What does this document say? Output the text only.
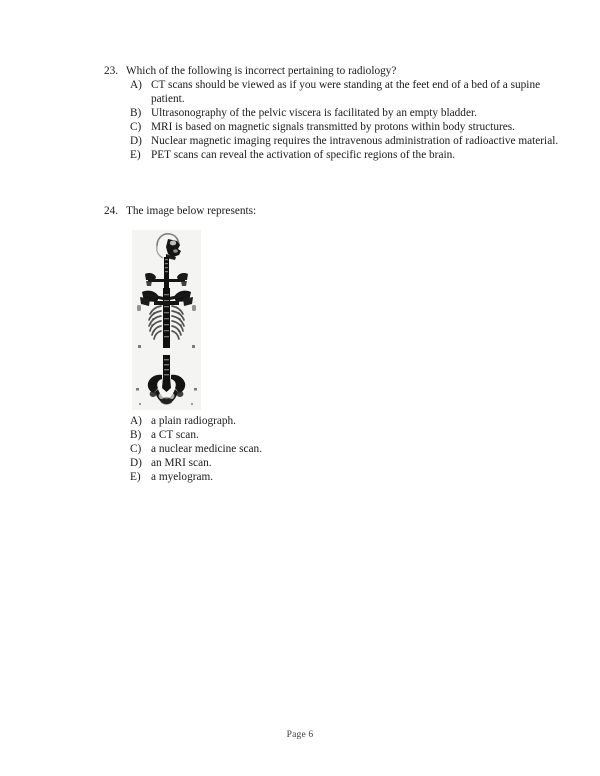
23. Which of the following is incorrect pertaining to radiology?
A) CT scans should be viewed as if you were standing at the feet end of a bed of a supine patient.
B) Ultrasonography of the pelvic viscera is facilitated by an empty bladder.
C) MRI is based on magnetic signals transmitted by protons within body structures.
D) Nuclear magnetic imaging requires the intravenous administration of radioactive material.
E) PET scans can reveal the activation of specific regions of the brain.
24. The image below represents:
A) a plain radiograph.
B) a CT scan.
C) a nuclear medicine scan.
D) an MRI scan.
E) a myelogram.
Page 6
